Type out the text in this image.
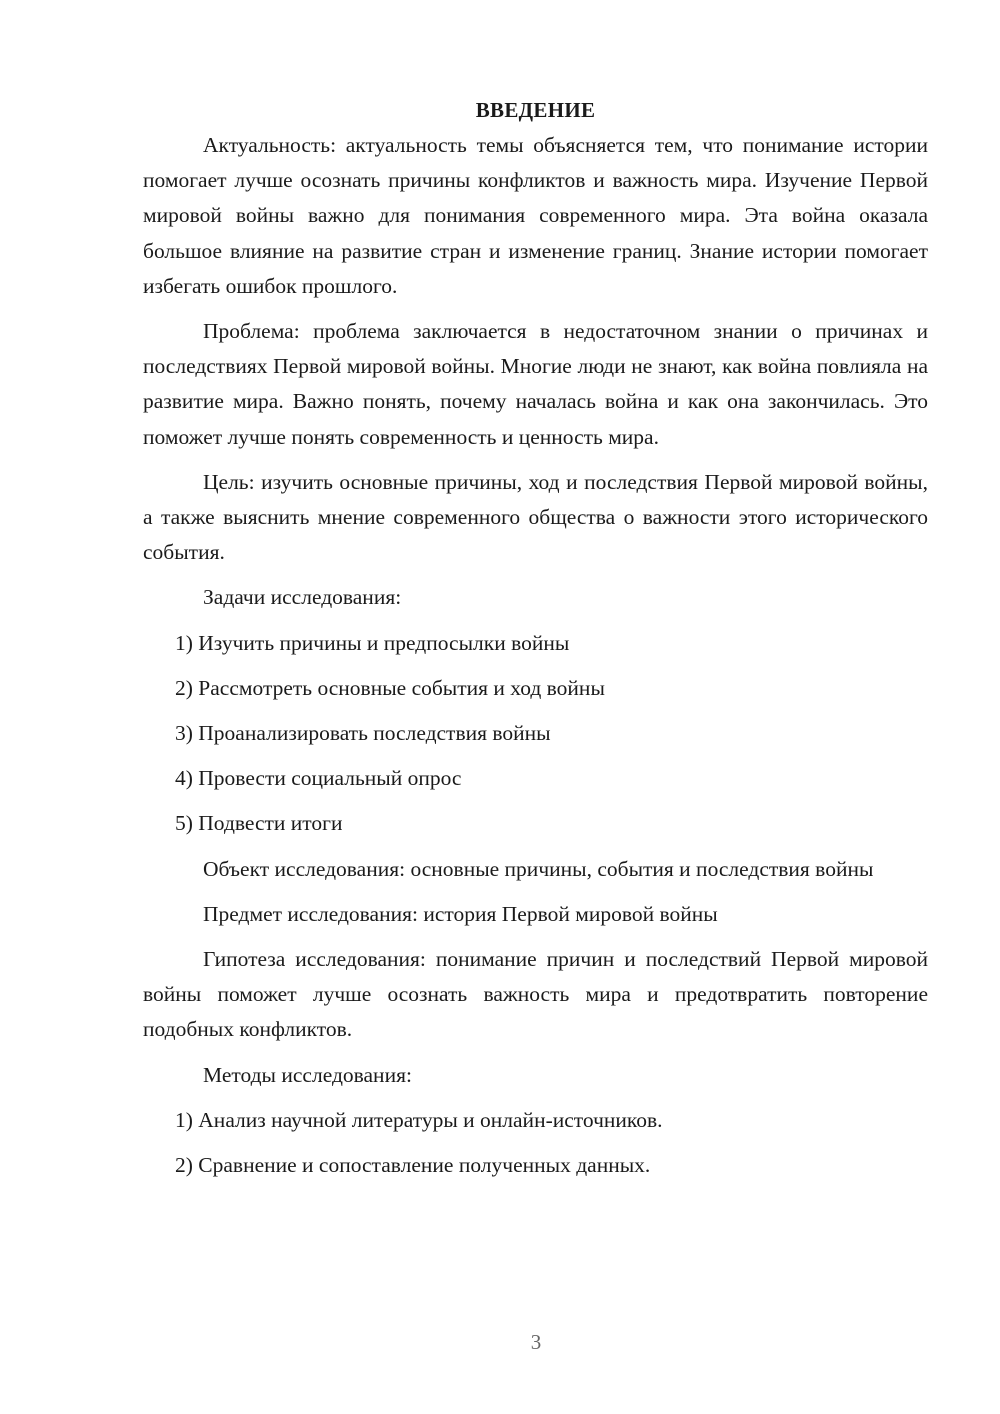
ВВЕДЕНИЕ

Актуальность: актуальность темы объясняется тем, что понимание истории помогает лучше осознать причины конфликтов и важность мира. Изучение Первой мировой войны важно для понимания современного мира. Эта война оказала большое влияние на развитие стран и изменение границ. Знание истории помогает избегать ошибок прошлого.

Проблема: проблема заключается в недостаточном знании о причинах и последствиях Первой мировой войны. Многие люди не знают, как война повлияла на развитие мира. Важно понять, почему началась война и как она закончилась. Это поможет лучше понять современность и ценность мира.

Цель: изучить основные причины, ход и последствия Первой мировой войны, а также выяснить мнение современного общества о важности этого исторического события.

Задачи исследования:

1) Изучить причины и предпосылки войны
2) Рассмотреть основные события и ход войны
3) Проанализировать последствия войны
4) Провести социальный опрос
5) Подвести итоги

Объект исследования: основные причины, события и последствия войны

Предмет исследования: история Первой мировой войны

Гипотеза исследования: понимание причин и последствий Первой мировой войны поможет лучше осознать важность мира и предотвратить повторение подобных конфликтов.

Методы исследования:

1) Анализ научной литературы и онлайн-источников.
2) Сравнение и сопоставление полученных данных.
3
